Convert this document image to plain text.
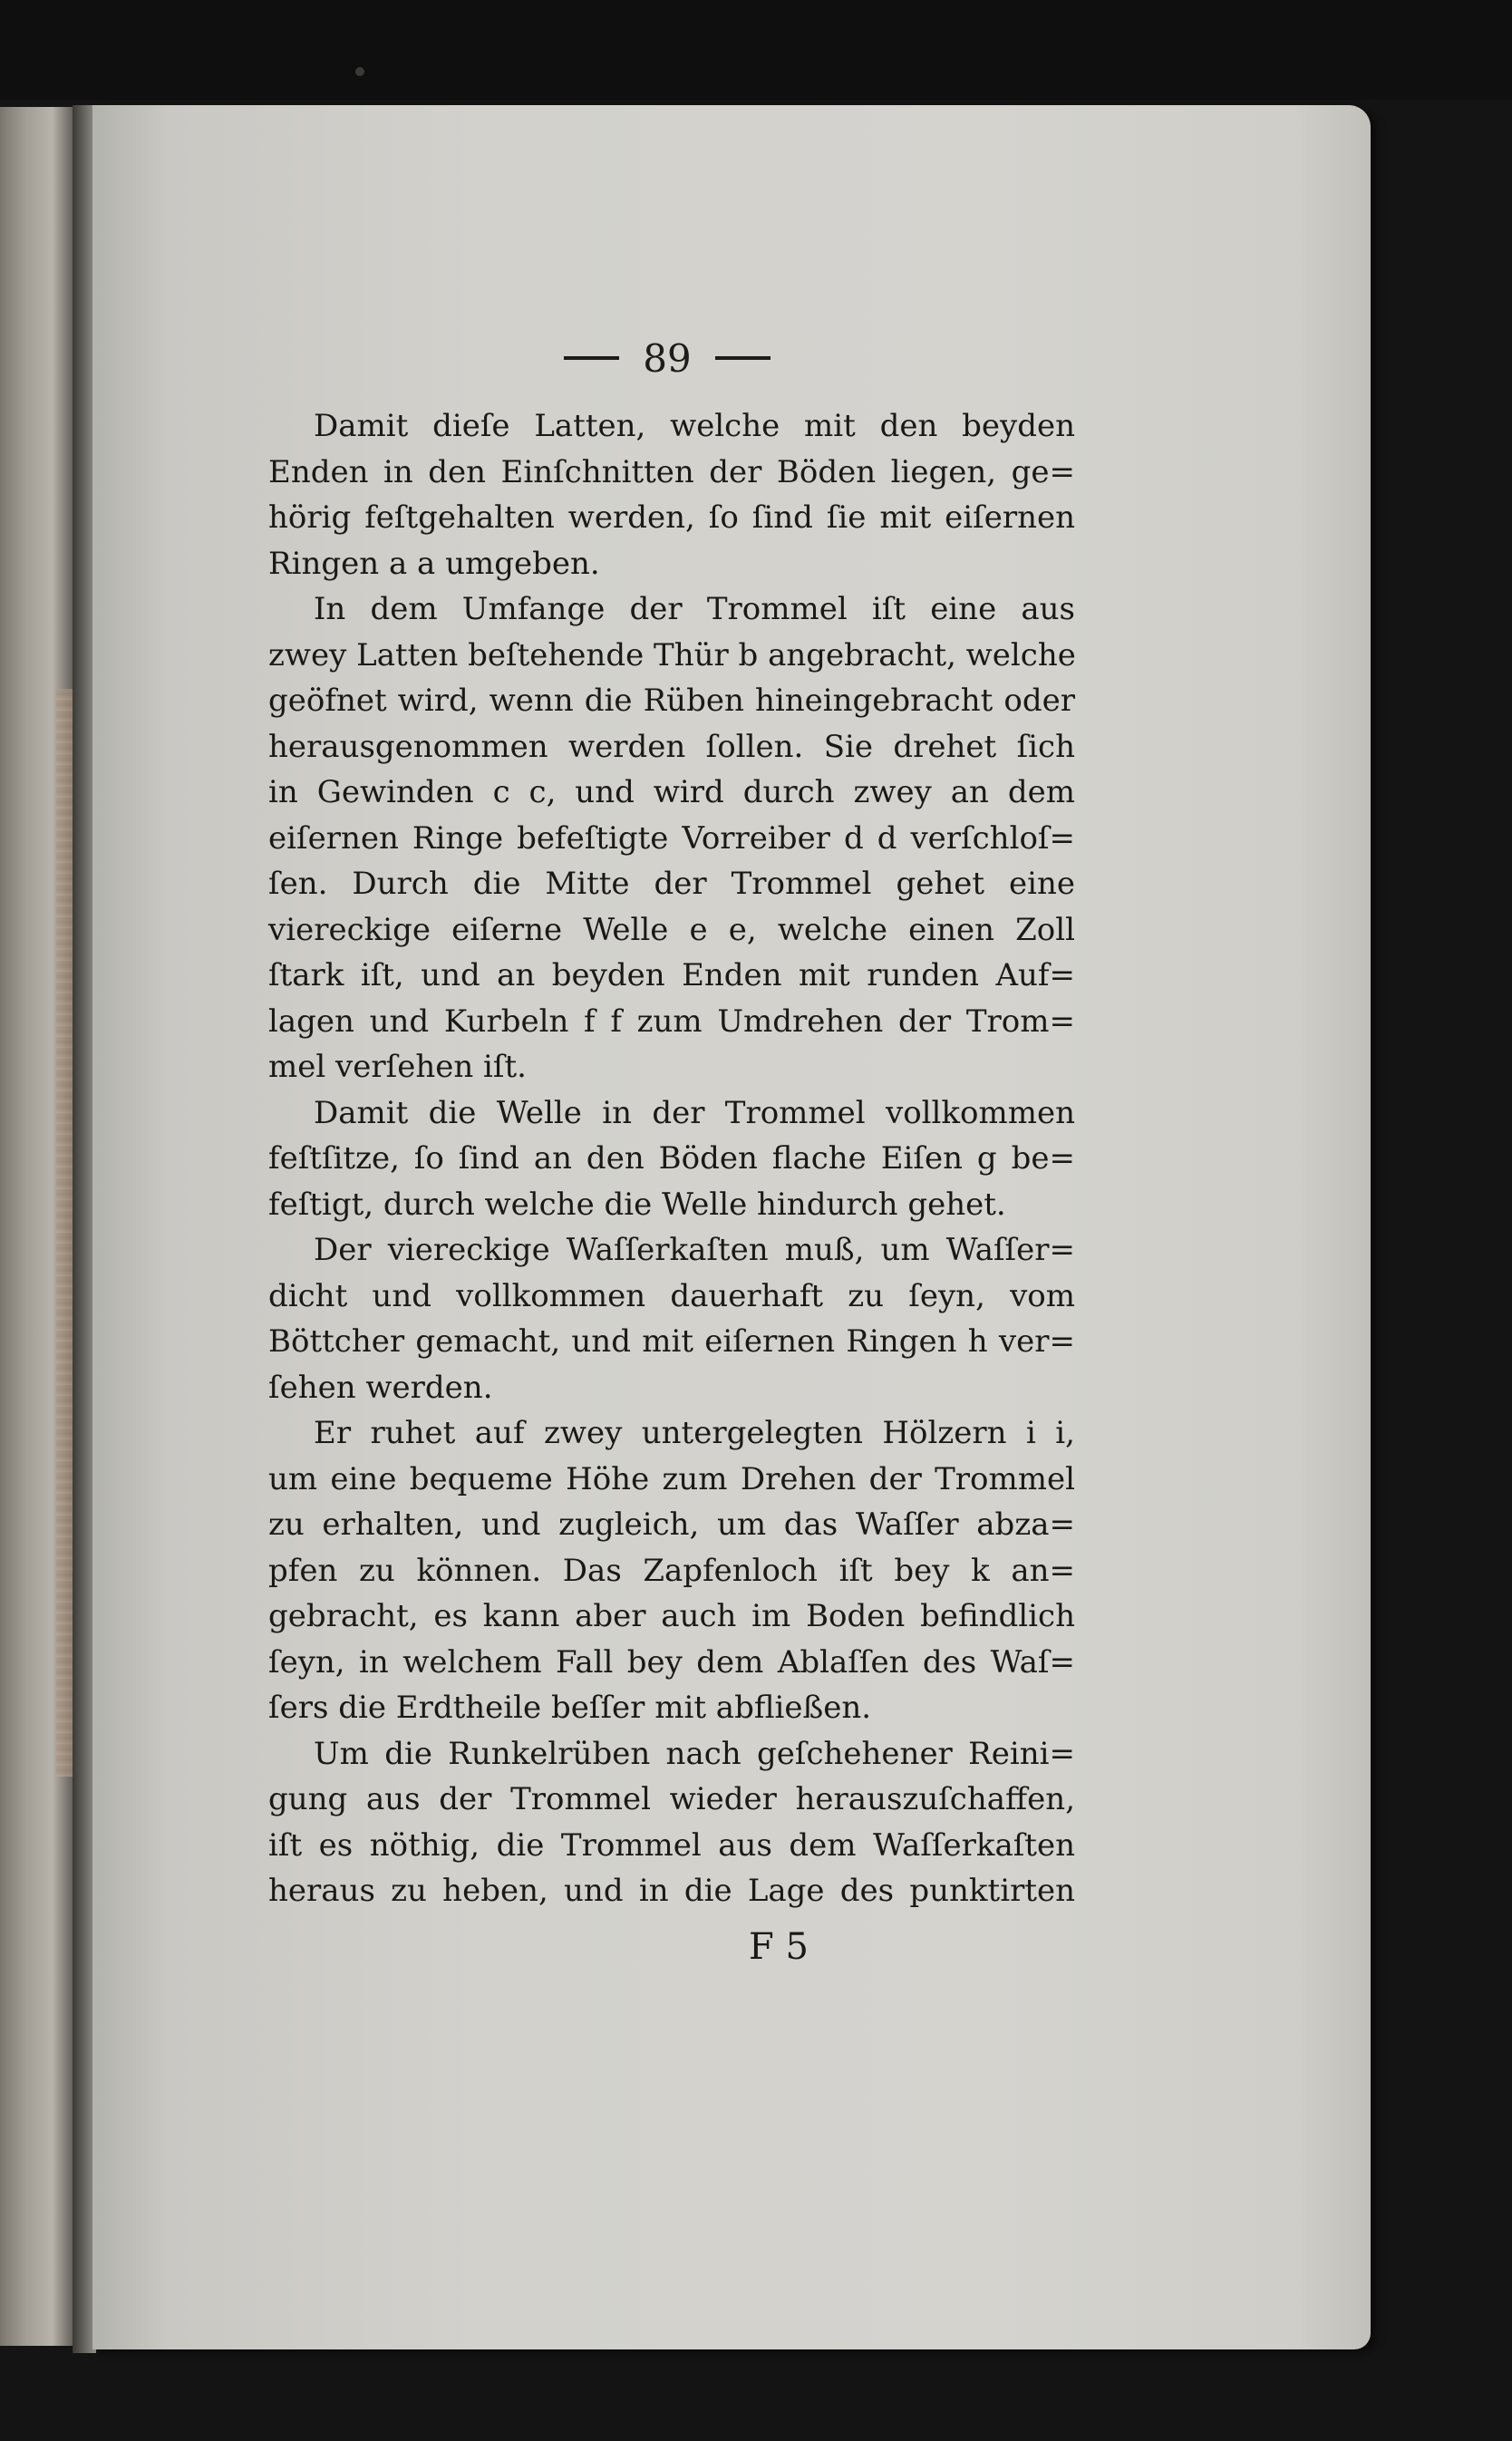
89
Damit dieſe Latten, welche mit den beyden
Enden in den Einſchnitten der Böden liegen, ge=
hörig feſtgehalten werden, ſo ſind ſie mit eiſernen
Ringen a a umgeben.
In dem Umfange der Trommel iſt eine aus
zwey Latten beſtehende Thür b angebracht, welche
geöfnet wird, wenn die Rüben hineingebracht oder
herausgenommen werden ſollen. Sie drehet ſich
in Gewinden c c, und wird durch zwey an dem
eiſernen Ringe befeſtigte Vorreiber d d verſchloſ=
ſen. Durch die Mitte der Trommel gehet eine
viereckige eiſerne Welle e e, welche einen Zoll
ſtark iſt, und an beyden Enden mit runden Auf=
lagen und Kurbeln f f zum Umdrehen der Trom=
mel verſehen iſt.
Damit die Welle in der Trommel vollkommen
feſtſitze, ſo ſind an den Böden flache Eiſen g be=
feſtigt, durch welche die Welle hindurch gehet.
Der viereckige Waſſerkaſten muß, um Waſſer=
dicht und vollkommen dauerhaft zu ſeyn, vom
Böttcher gemacht, und mit eiſernen Ringen h ver=
ſehen werden.
Er ruhet auf zwey untergelegten Hölzern i i,
um eine bequeme Höhe zum Drehen der Trommel
zu erhalten, und zugleich, um das Waſſer abza=
pfen zu können. Das Zapfenloch iſt bey k an=
gebracht, es kann aber auch im Boden befindlich
ſeyn, in welchem Fall bey dem Ablaſſen des Waſ=
ſers die Erdtheile beſſer mit abfließen.
Um die Runkelrüben nach geſchehener Reini=
gung aus der Trommel wieder herauszuſchaffen,
iſt es nöthig, die Trommel aus dem Waſſerkaſten
heraus zu heben, und in die Lage des punktirten
F 5
